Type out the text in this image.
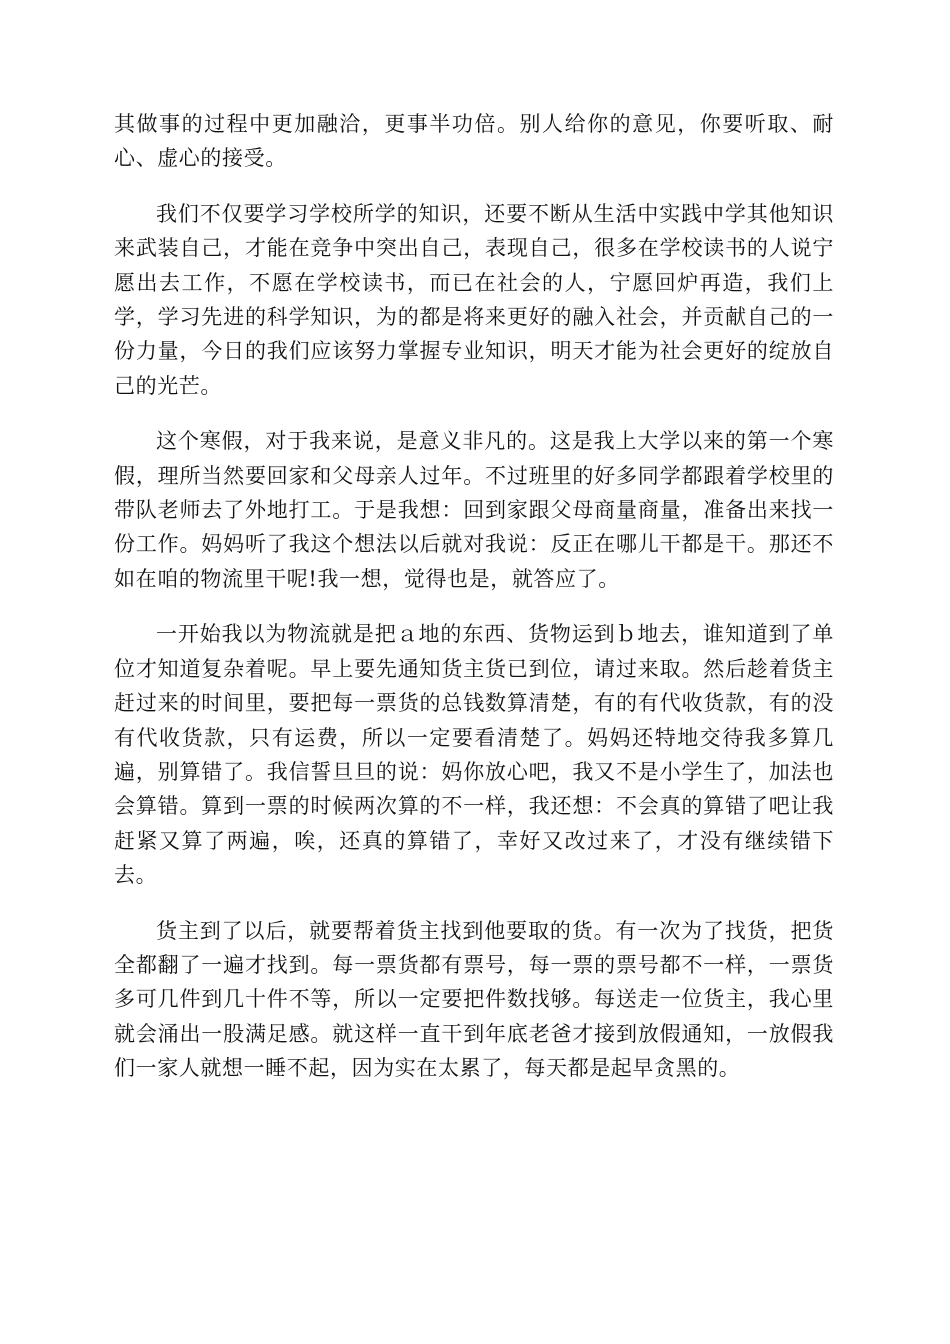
其做事的过程中更加融洽，更事半功倍。别人给你的意见，你要听取、耐心、虚心的接受。

我们不仅要学习学校所学的知识，还要不断从生活中实践中学其他知识来武装自己，才能在竞争中突出自己，表现自己，很多在学校读书的人说宁愿出去工作，不愿在学校读书，而已在社会的人，宁愿回炉再造，我们上学，学习先进的科学知识，为的都是将来更好的融入社会，并贡献自己的一份力量，今日的我们应该努力掌握专业知识，明天才能为社会更好的绽放自己的光芒。

这个寒假，对于我来说，是意义非凡的。这是我上大学以来的第一个寒假，理所当然要回家和父母亲人过年。不过班里的好多同学都跟着学校里的带队老师去了外地打工。于是我想：回到家跟父母商量商量，准备出来找一份工作。妈妈听了我这个想法以后就对我说：反正在哪儿干都是干。那还不如在咱的物流里干呢!我一想，觉得也是，就答应了。

一开始我以为物流就是把ａ地的东西、货物运到ｂ地去，谁知道到了单位才知道复杂着呢。早上要先通知货主货已到位，请过来取。然后趁着货主赶过来的时间里，要把每一票货的总钱数算清楚，有的有代收货款，有的没有代收货款，只有运费，所以一定要看清楚了。妈妈还特地交待我多算几遍，别算错了。我信誓旦旦的说：妈你放心吧，我又不是小学生了，加法也会算错。算到一票的时候两次算的不一样，我还想：不会真的算错了吧让我赶紧又算了两遍，唉，还真的算错了，幸好又改过来了，才没有继续错下去。

货主到了以后，就要帮着货主找到他要取的货。有一次为了找货，把货全都翻了一遍才找到。每一票货都有票号，每一票的票号都不一样，一票货多可几件到几十件不等，所以一定要把件数找够。每送走一位货主，我心里就会涌出一股满足感。就这样一直干到年底老爸才接到放假通知，一放假我们一家人就想一睡不起，因为实在太累了，每天都是起早贪黑的。
